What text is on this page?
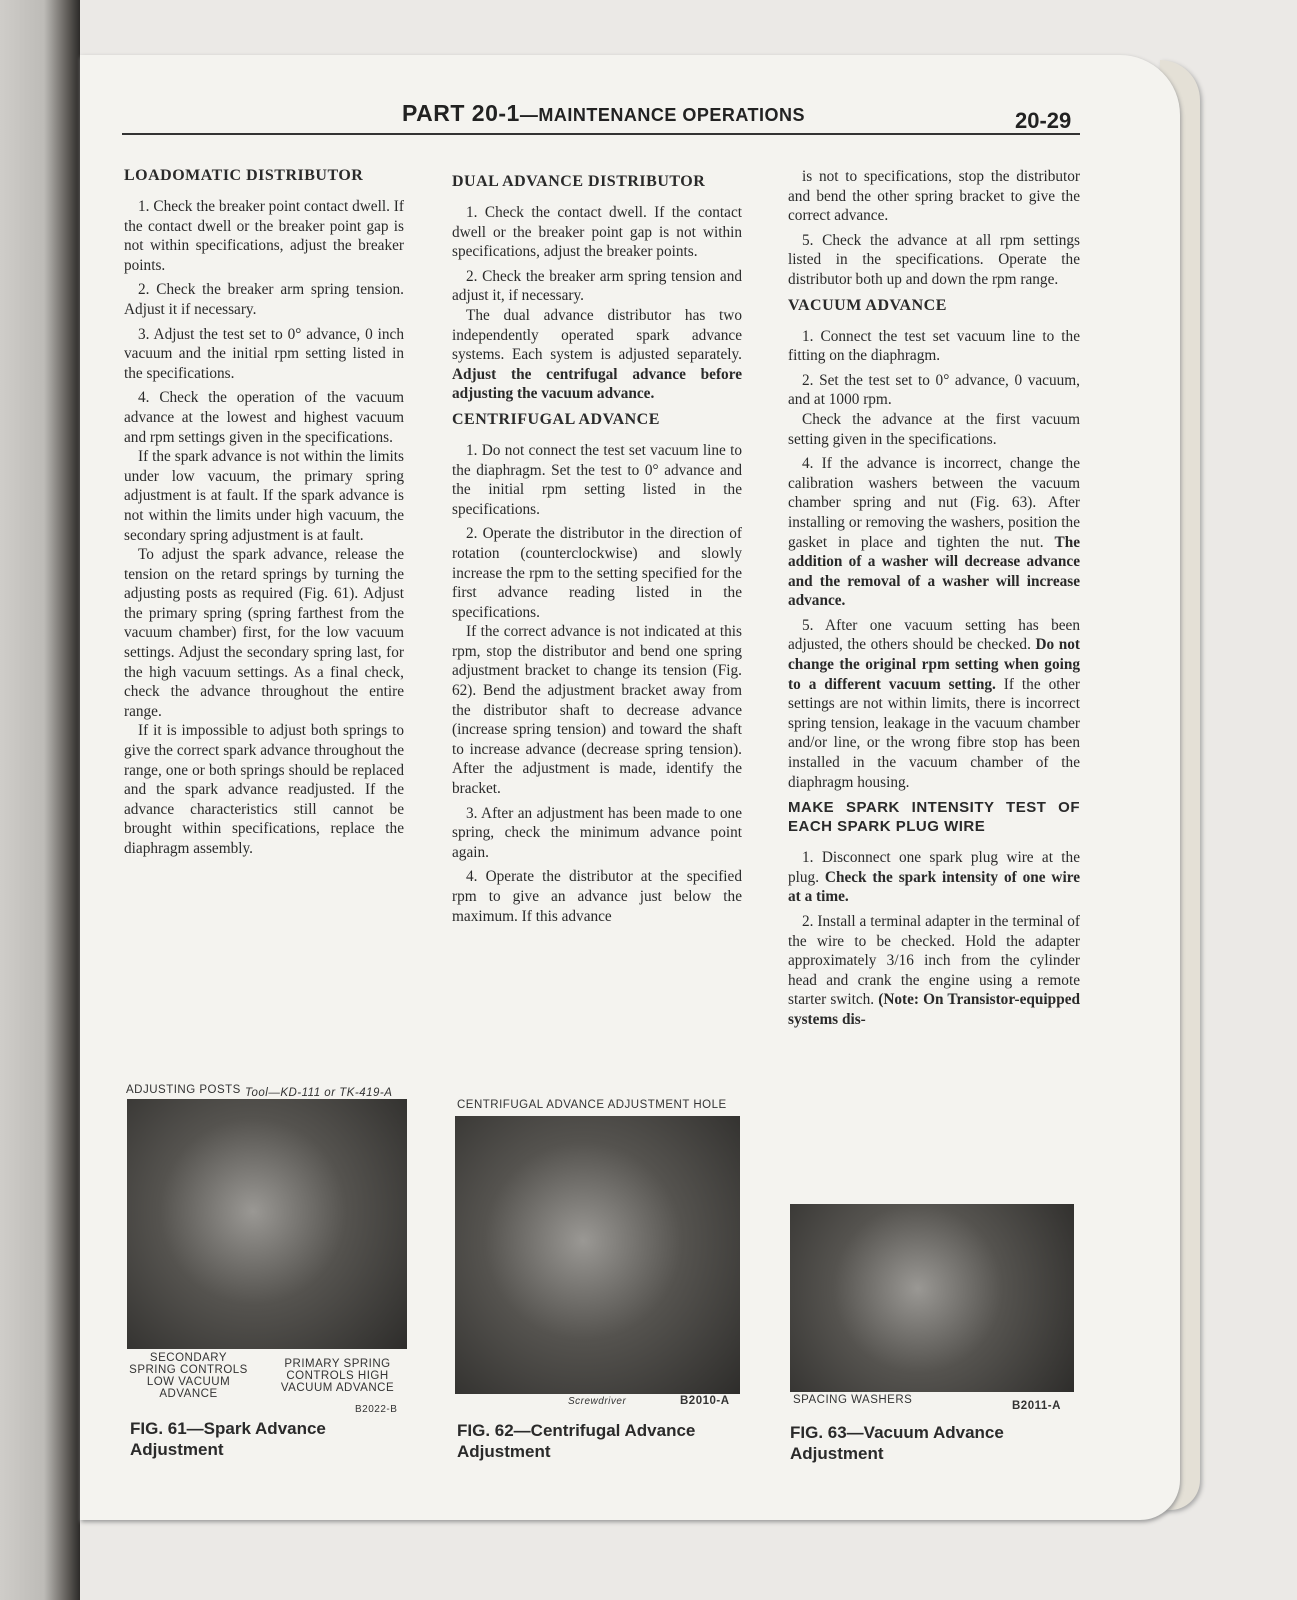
PART 20-1—MAINTENANCE OPERATIONS	20-29
LOADOMATIC DISTRIBUTOR

1. Check the breaker point contact dwell. If the contact dwell or the breaker point gap is not within specifications, adjust the breaker points.

2. Check the breaker arm spring tension. Adjust it if necessary.

3. Adjust the test set to 0° advance, 0 inch vacuum and the initial rpm setting listed in the specifications.

4. Check the operation of the vacuum advance at the lowest and highest vacuum and rpm settings given in the specifications.

If the spark advance is not within the limits under low vacuum, the primary spring adjustment is at fault. If the spark advance is not within the limits under high vacuum, the secondary spring adjustment is at fault.

To adjust the spark advance, release the tension on the retard springs by turning the adjusting posts as required (Fig. 61). Adjust the primary spring (spring farthest from the vacuum chamber) first, for the low vacuum settings. Adjust the secondary spring last, for the high vacuum settings. As a final check, check the advance throughout the entire range.

If it is impossible to adjust both springs to give the correct spark advance throughout the range, one or both springs should be replaced and the spark advance readjusted. If the advance characteristics still cannot be brought within specifications, replace the diaphragm assembly.

DUAL ADVANCE DISTRIBUTOR

1. Check the contact dwell. If the contact dwell or the breaker point gap is not within specifications, adjust the breaker points.

2. Check the breaker arm spring tension and adjust it, if necessary.

The dual advance distributor has two independently operated spark advance systems. Each system is adjusted separately. Adjust the centrifugal advance before adjusting the vacuum advance.

CENTRIFUGAL ADVANCE

1. Do not connect the test set vacuum line to the diaphragm. Set the test to 0° advance and the initial rpm setting listed in the specifications.

2. Operate the distributor in the direction of rotation (counterclockwise) and slowly increase the rpm to the setting specified for the first advance reading listed in the specifications.

If the correct advance is not indicated at this rpm, stop the distributor and bend one spring adjustment bracket to change its tension (Fig. 62). Bend the adjustment bracket away from the distributor shaft to decrease advance (increase spring tension) and toward the shaft to increase advance (decrease spring tension). After the adjustment is made, identify the bracket.

3. After an adjustment has been made to one spring, check the minimum advance point again.

4. Operate the distributor at the specified rpm to give an advance just below the maximum. If this advance

is not to specifications, stop the distributor and bend the other spring bracket to give the correct advance.

5. Check the advance at all rpm settings listed in the specifications. Operate the distributor both up and down the rpm range.

VACUUM ADVANCE

1. Connect the test set vacuum line to the fitting on the diaphragm.

2. Set the test set to 0° advance, 0 vacuum, and at 1000 rpm.

Check the advance at the first vacuum setting given in the specifications.

4. If the advance is incorrect, change the calibration washers between the vacuum chamber spring and nut (Fig. 63). After installing or removing the washers, position the gasket in place and tighten the nut. The addition of a washer will decrease advance and the removal of a washer will increase advance.

5. After one vacuum setting has been adjusted, the others should be checked. Do not change the original rpm setting when going to a different vacuum setting. If the other settings are not within limits, there is incorrect spring tension, leakage in the vacuum chamber and/or line, or the wrong fibre stop has been installed in the vacuum chamber of the diaphragm housing.

MAKE SPARK INTENSITY TEST OF EACH SPARK PLUG WIRE

1. Disconnect one spark plug wire at the plug. Check the spark intensity of one wire at a time.

2. Install a terminal adapter in the terminal of the wire to be checked. Hold the adapter approximately 3/16 inch from the cylinder head and crank the engine using a remote starter switch. (Note: On Transistor-equipped systems dis-

ADJUSTING POSTS Tool—KD-111 or TK-419-A
SECONDARY SPRING CONTROLS LOW VACUUM ADVANCE
PRIMARY SPRING CONTROLS HIGH VACUUM ADVANCE
B2022-B
FIG. 61—Spark Advance Adjustment
CENTRIFUGAL ADVANCE ADJUSTMENT HOLE
Screwdriver	B2010-A
FIG. 62—Centrifugal Advance Adjustment
SPACING WASHERS	B2011-A
FIG. 63—Vacuum Advance Adjustment
